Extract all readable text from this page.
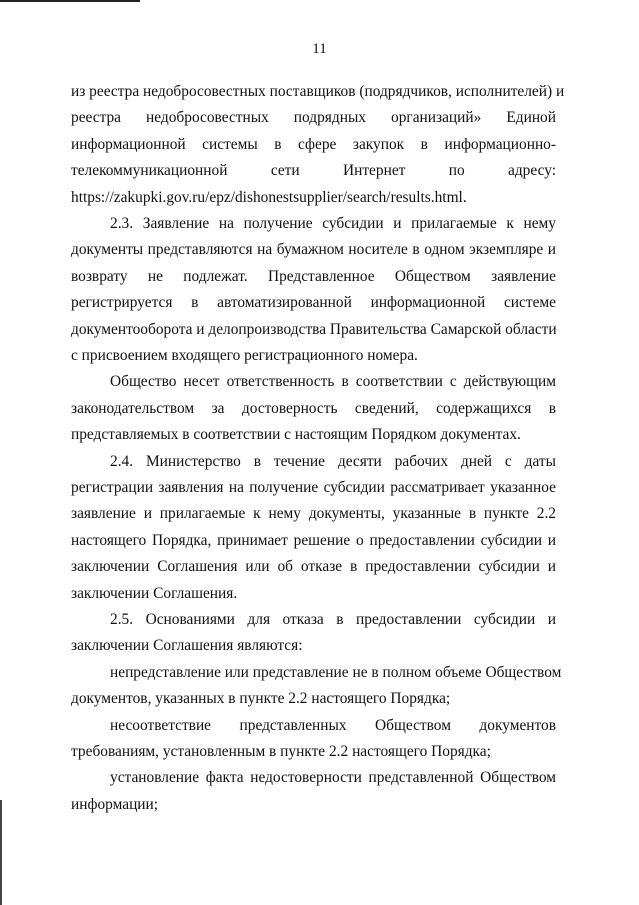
11
из реестра недобросовестных поставщиков (подрядчиков, исполнителей) и
реестра недобросовестных подрядных организаций» Единой
информационной системы в сфере закупок в информационно-
телекоммуникационной сети Интернет по адресу:
https://zakupki.gov.ru/epz/dishonestsupplier/search/results.html.
2.3. Заявление на получение субсидии и прилагаемые к нему
документы представляются на бумажном носителе в одном экземпляре и
возврату не подлежат. Представленное Обществом заявление
регистрируется в автоматизированной информационной системе
документооборота и делопроизводства Правительства Самарской области
с присвоением входящего регистрационного номера.
Общество несет ответственность в соответствии с действующим
законодательством за достоверность сведений, содержащихся в
представляемых в соответствии с настоящим Порядком документах.
2.4. Министерство в течение десяти рабочих дней с даты
регистрации заявления на получение субсидии рассматривает указанное
заявление и прилагаемые к нему документы, указанные в пункте 2.2
настоящего Порядка, принимает решение о предоставлении субсидии и
заключении Соглашения или об отказе в предоставлении субсидии и
заключении Соглашения.
2.5. Основаниями для отказа в предоставлении субсидии и
заключении Соглашения являются:
непредставление или представление не в полном объеме Обществом
документов, указанных в пункте 2.2 настоящего Порядка;
несоответствие представленных Обществом документов
требованиям, установленным в пункте 2.2 настоящего Порядка;
установление факта недостоверности представленной Обществом
информации;
